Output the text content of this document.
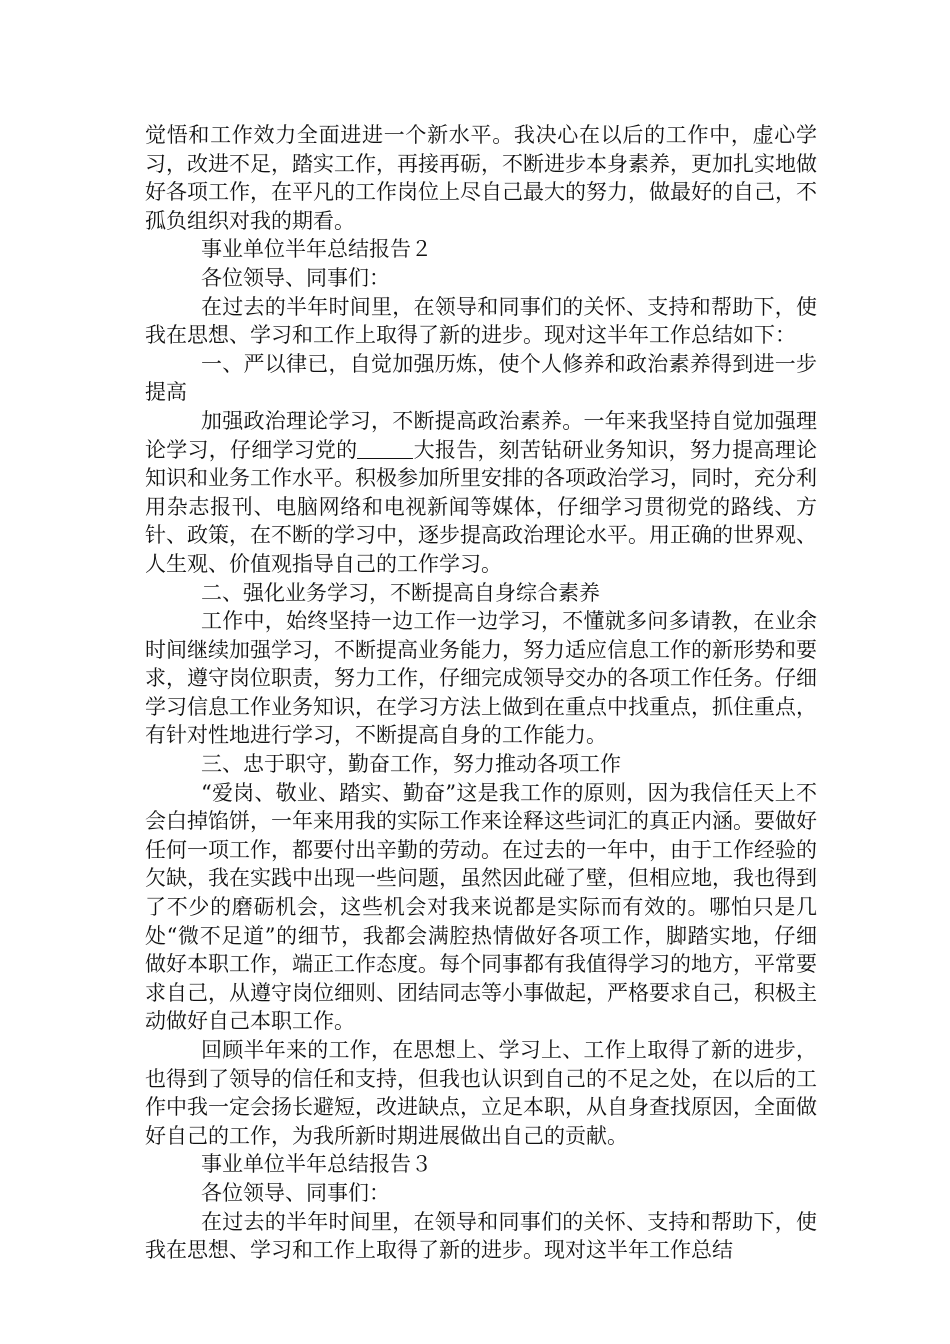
觉悟和工作效力全面进进一个新水平。我决心在以后的工作中，虚心学习，改进不足，踏实工作，再接再砺，不断进步本身素养，更加扎实地做好各项工作，在平凡的工作岗位上尽自己最大的努力，做最好的自己，不孤负组织对我的期看。

事业单位半年总结报告２

各位领导、同事们：

在过去的半年时间里，在领导和同事们的关怀、支持和帮助下，使我在思想、学习和工作上取得了新的进步。现对这半年工作总结如下：

一、严以律已，自觉加强历炼，使个人修养和政治素养得到进一步提高

加强政治理论学习，不断提高政治素养。一年来我坚持自觉加强理论学习，仔细学习党的	大报告，刻苦钻研业务知识，努力提高理论知识和业务工作水平。积极参加所里安排的各项政治学习，同时，充分利用杂志报刊、电脑网络和电视新闻等媒体，仔细学习贯彻党的路线、方针、政策，在不断的学习中，逐步提高政治理论水平。用正确的世界观、人生观、价值观指导自己的工作学习。

二、强化业务学习，不断提高自身综合素养

工作中，始终坚持一边工作一边学习，不懂就多问多请教，在业余时间继续加强学习，不断提高业务能力，努力适应信息工作的新形势和要求，遵守岗位职责，努力工作，仔细完成领导交办的各项工作任务。仔细学习信息工作业务知识，在学习方法上做到在重点中找重点，抓住重点，有针对性地进行学习，不断提高自身的工作能力。

三、忠于职守，勤奋工作，努力推动各项工作

“爱岗、敬业、踏实、勤奋”这是我工作的原则，因为我信任天上不会白掉馅饼，一年来用我的实际工作来诠释这些词汇的真正内涵。要做好任何一项工作，都要付出辛勤的劳动。在过去的一年中，由于工作经验的欠缺，我在实践中出现一些问题，虽然因此碰了壁，但相应地，我也得到了不少的磨砺机会，这些机会对我来说都是实际而有效的。哪怕只是几处“微不足道”的细节，我都会满腔热情做好各项工作，脚踏实地，仔细做好本职工作，端正工作态度。每个同事都有我值得学习的地方，平常要求自己，从遵守岗位细则、团结同志等小事做起，严格要求自己，积极主动做好自己本职工作。

回顾半年来的工作，在思想上、学习上、工作上取得了新的进步，也得到了领导的信任和支持，但我也认识到自己的不足之处，在以后的工作中我一定会扬长避短，改进缺点，立足本职，从自身查找原因，全面做好自己的工作，为我所新时期进展做出自己的贡献。

事业单位半年总结报告３

各位领导、同事们：

在过去的半年时间里，在领导和同事们的关怀、支持和帮助下，使我在思想、学习和工作上取得了新的进步。现对这半年工作总结
